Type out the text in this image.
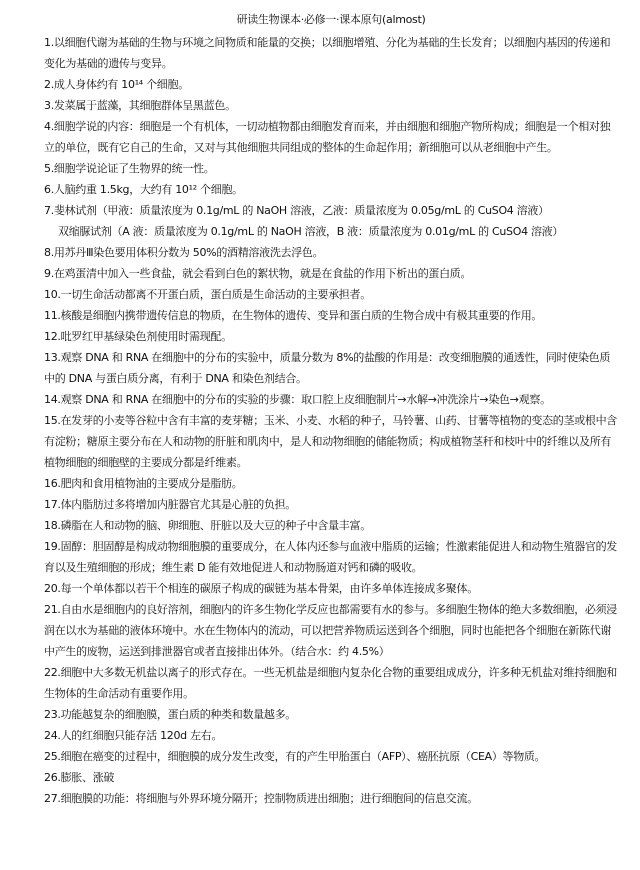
研读生物课本·必修一·课本原句(almost)

1.以细胞代谢为基础的生物与环境之间物质和能量的交换；以细胞增殖、分化为基础的生长发育；以细胞内基因的传递和变化为基础的遗传与变异。

2.成人身体约有 10¹⁴ 个细胞。

3.发菜属于蓝藻，其细胞群体呈黑蓝色。

4.细胞学说的内容：细胞是一个有机体，一切动植物都由细胞发育而来，并由细胞和细胞产物所构成；细胞是一个相对独立的单位，既有它自己的生命，又对与其他细胞共同组成的整体的生命起作用；新细胞可以从老细胞中产生。

5.细胞学说论证了生物界的统一性。

6.人脑约重 1.5kg，大约有 10¹² 个细胞。

7.斐林试剂（甲液：质量浓度为 0.1g/mL 的 NaOH 溶液，乙液：质量浓度为 0.05g/mL 的 CuSO4 溶液）

双缩脲试剂（A 液：质量浓度为 0.1g/mL 的 NaOH 溶液，B 液：质量浓度为 0.01g/mL 的 CuSO4 溶液）

8.用苏丹Ⅲ染色要用体积分数为 50%的酒精溶液洗去浮色。

9.在鸡蛋清中加入一些食盐，就会看到白色的絮状物，就是在食盐的作用下析出的蛋白质。

10.一切生命活动都离不开蛋白质，蛋白质是生命活动的主要承担者。

11.核酸是细胞内携带遗传信息的物质，在生物体的遗传、变异和蛋白质的生物合成中有极其重要的作用。

12.吡罗红甲基绿染色剂使用时需现配。

13.观察 DNA 和 RNA 在细胞中的分布的实验中，质量分数为 8%的盐酸的作用是：改变细胞膜的通透性，同时使染色质中的 DNA 与蛋白质分离，有利于 DNA 和染色剂结合。

14.观察 DNA 和 RNA 在细胞中的分布的实验的步骤：取口腔上皮细胞制片→水解→冲洗涂片→染色→观察。

15.在发芽的小麦等谷粒中含有丰富的麦芽糖；玉米、小麦、水稻的种子，马铃薯、山药、甘薯等植物的变态的茎或根中含有淀粉；糖原主要分布在人和动物的肝脏和肌肉中，是人和动物细胞的储能物质；构成植物茎秆和枝叶中的纤维以及所有植物细胞的细胞壁的主要成分都是纤维素。

16.肥肉和食用植物油的主要成分是脂肪。

17.体内脂肪过多将增加内脏器官尤其是心脏的负担。

18.磷脂在人和动物的脑、卵细胞、肝脏以及大豆的种子中含量丰富。

19.固醇：胆固醇是构成动物细胞膜的重要成分，在人体内还参与血液中脂质的运输；性激素能促进人和动物生殖器官的发育以及生殖细胞的形成；维生素 D 能有效地促进人和动物肠道对钙和磷的吸收。

20.每一个单体都以若干个相连的碳原子构成的碳链为基本骨架，由许多单体连接成多聚体。

21.自由水是细胞内的良好溶剂，细胞内的许多生物化学反应也都需要有水的参与。多细胞生物体的绝大多数细胞，必须浸润在以水为基础的液体环境中。水在生物体内的流动，可以把营养物质运送到各个细胞，同时也能把各个细胞在新陈代谢中产生的废物，运送到排泄器官或者直接排出体外。（结合水：约 4.5%）

22.细胞中大多数无机盐以离子的形式存在。一些无机盐是细胞内复杂化合物的重要组成成分，许多种无机盐对维持细胞和生物体的生命活动有重要作用。

23.功能越复杂的细胞膜，蛋白质的种类和数量越多。

24.人的红细胞只能存活 120d 左右。

25.细胞在癌变的过程中，细胞膜的成分发生改变，有的产生甲胎蛋白（AFP）、癌胚抗原（CEA）等物质。

26.膨胀、涨破

27.细胞膜的功能：将细胞与外界环境分隔开；控制物质进出细胞；进行细胞间的信息交流。
